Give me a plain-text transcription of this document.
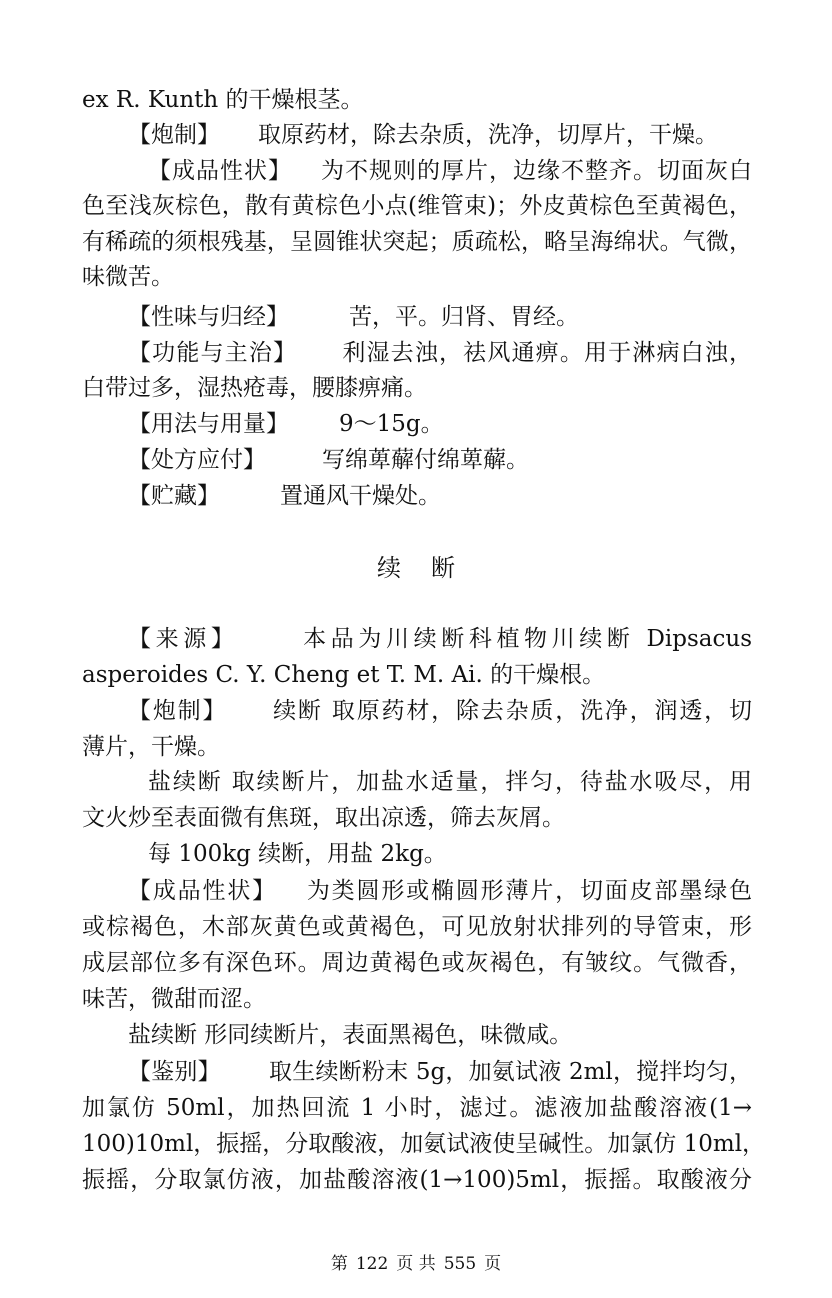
ex R. Kunth 的干燥根茎。
【炮制】 取原药材，除去杂质，洗净，切厚片，干燥。
【成品性状】 为不规则的厚片，边缘不整齐。切面灰白
色至浅灰棕色，散有黄棕色小点(维管束)；外皮黄棕色至黄褐色，
有稀疏的须根残基，呈圆锥状突起；质疏松，略呈海绵状。气微，
味微苦。
【性味与归经】	苦，平。归肾、胃经。
【功能与主治】 利湿去浊，祛风通痹。用于淋病白浊，
白带过多，湿热疮毒，腰膝痹痛。
【用法与用量】 9～15g。
【处方应付】 写绵萆薢付绵萆薢。
【贮藏】	置通风干燥处。
续断
【来源】	本品为川续断科植物川续断 Dipsacus
asperoides C. Y. Cheng et T. M. Ai. 的干燥根。
【炮制】 续断 取原药材，除去杂质，洗净，润透，切
薄片，干燥。
盐续断 取续断片，加盐水适量，拌匀，待盐水吸尽，用
文火炒至表面微有焦斑，取出凉透，筛去灰屑。
每 100kg 续断，用盐 2kg。
【成品性状】 为类圆形或椭圆形薄片，切面皮部墨绿色
或棕褐色，木部灰黄色或黄褐色，可见放射状排列的导管束，形
成层部位多有深色环。周边黄褐色或灰褐色，有皱纹。气微香，
味苦，微甜而涩。
盐续断 形同续断片，表面黑褐色，味微咸。
【鉴别】 取生续断粉末 5g，加氨试液 2ml，搅拌均匀，
加氯仿 50ml，加热回流 1 小时，滤过。滤液加盐酸溶液(1→
100)10ml，振摇，分取酸液，加氨试液使呈碱性。加氯仿 10ml，
振摇，分取氯仿液，加盐酸溶液(1→100)5ml，振摇。取酸液分
第 122 页 共 555 页
